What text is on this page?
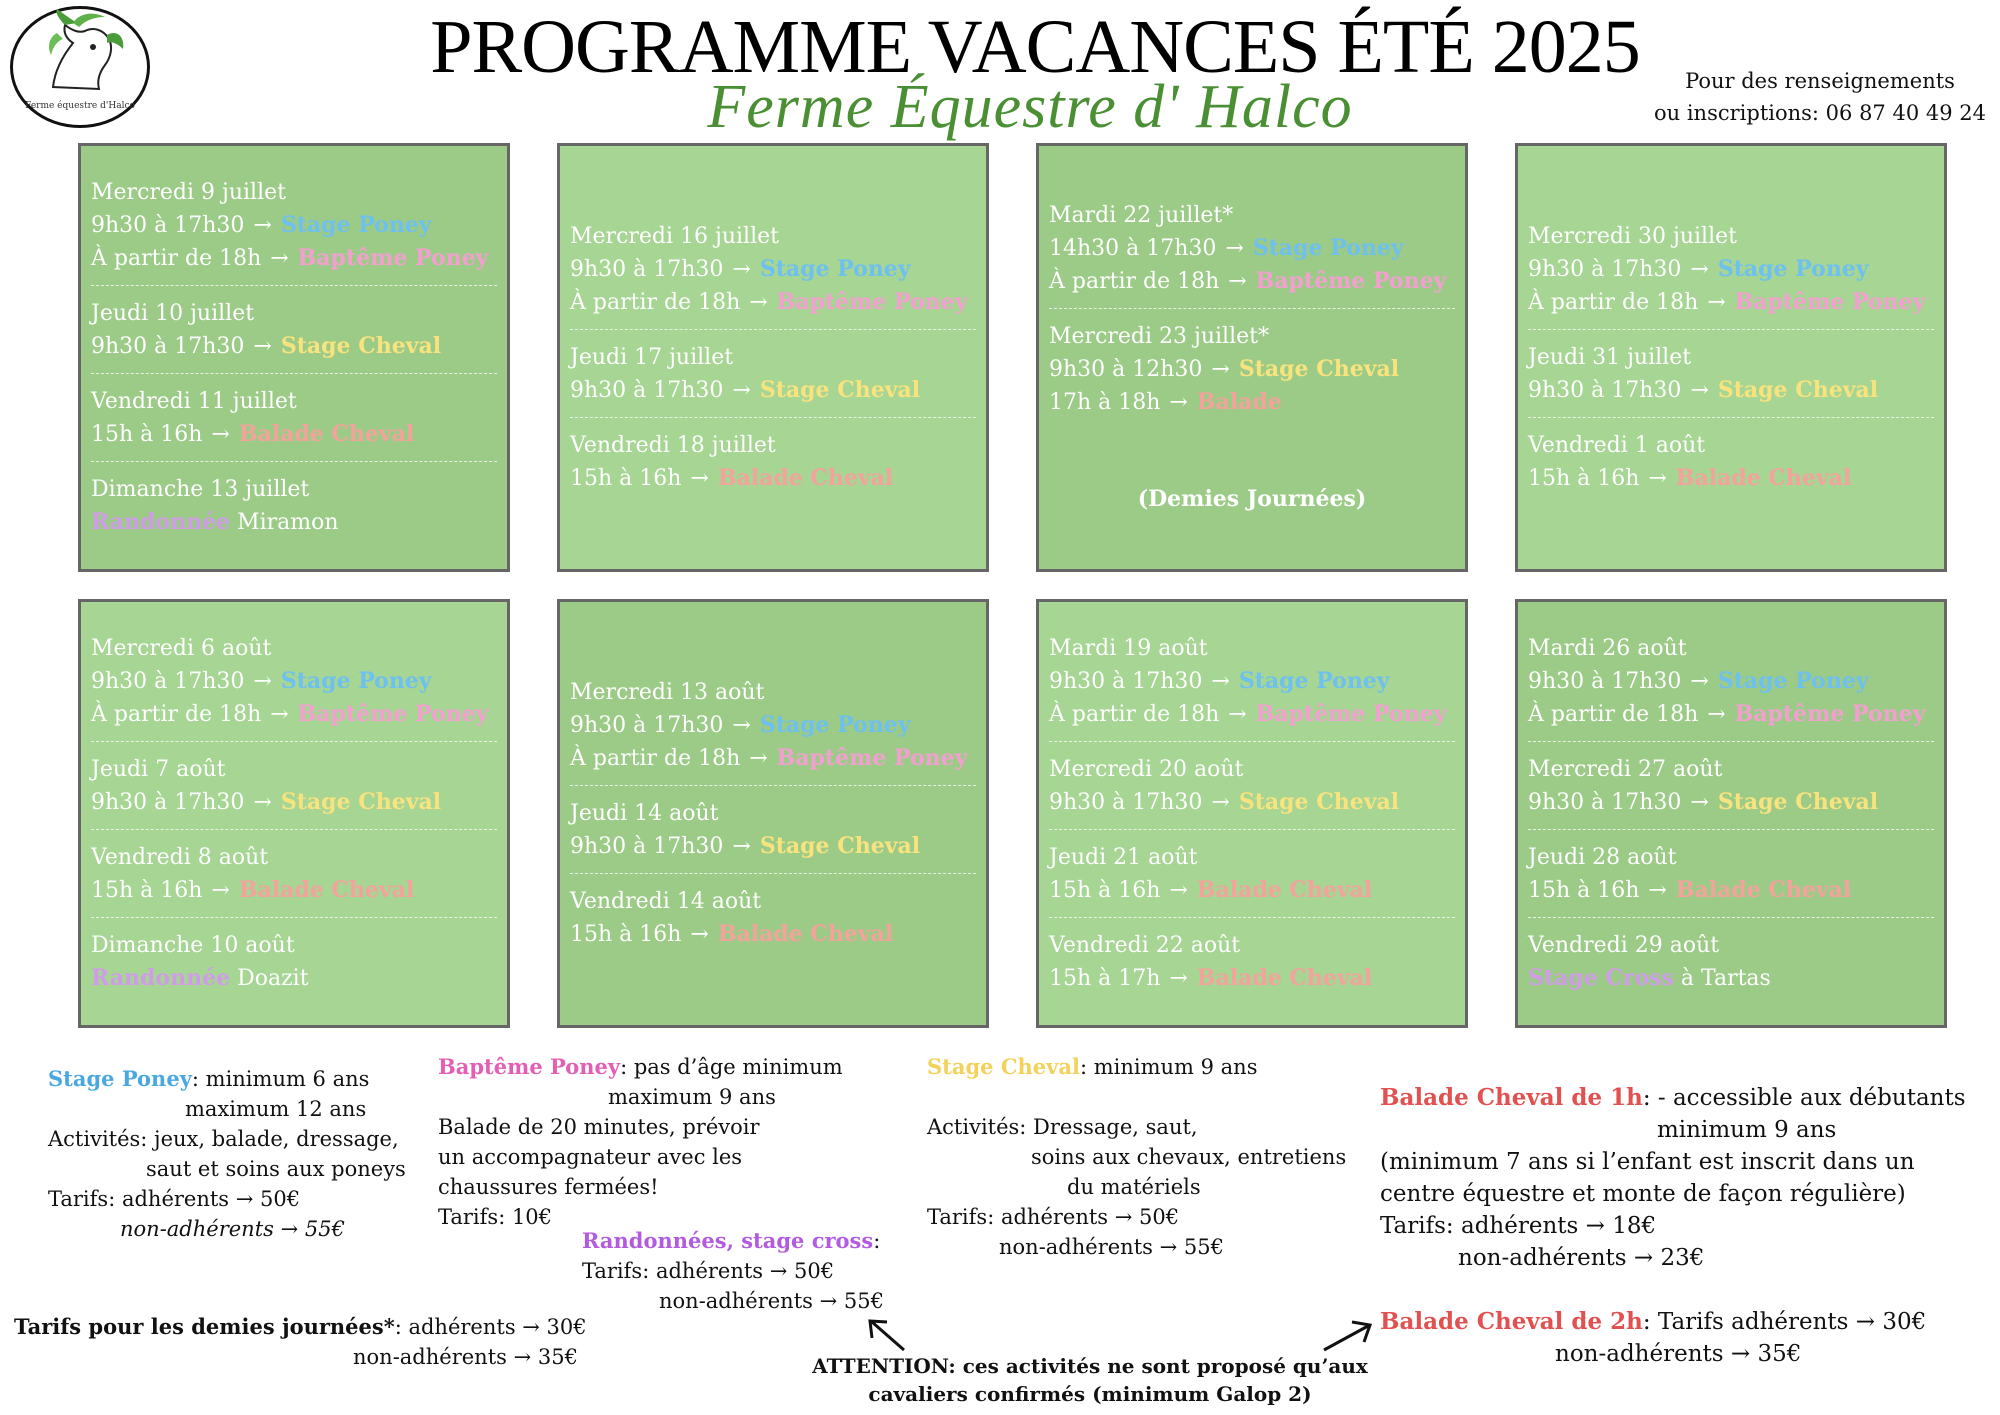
Ferme équestre d'Halco
PROGRAMME VACANCES ÉTÉ 2025
Ferme Équestre d' Halco	Pour des renseignements
ou inscriptions: 06 87 40 49 24
Mercredi 9 juillet
9h30 à 17h30 → Stage Poney
À partir de 18h → Baptême Poney
Jeudi 10 juillet
9h30 à 17h30 → Stage Cheval
Vendredi 11 juillet
15h à 16h → Balade Cheval
Dimanche 13 juillet
Randonnée Miramon
Mercredi 16 juillet
9h30 à 17h30 → Stage Poney
À partir de 18h → Baptême Poney
Jeudi 17 juillet
9h30 à 17h30 → Stage Cheval
Vendredi 18 juillet
15h à 16h → Balade Cheval
Mardi 22 juillet*
14h30 à 17h30 → Stage Poney
À partir de 18h → Baptême Poney
Mercredi 23 juillet*
9h30 à 12h30 → Stage Cheval
17h à 18h → Balade
(Demies Journées)
Mercredi 30 juillet
9h30 à 17h30 → Stage Poney
À partir de 18h → Baptême Poney
Jeudi 31 juillet
9h30 à 17h30 → Stage Cheval
Vendredi 1 août
15h à 16h → Balade Cheval
Mercredi 6 août
9h30 à 17h30 → Stage Poney
À partir de 18h → Baptême Poney
Jeudi 7 août
9h30 à 17h30 → Stage Cheval
Vendredi 8 août
15h à 16h → Balade Cheval
Dimanche 10 août
Randonnée Doazit
Mercredi 13 août
9h30 à 17h30 → Stage Poney
À partir de 18h → Baptême Poney
Jeudi 14 août
9h30 à 17h30 → Stage Cheval
Vendredi 14 août
15h à 16h → Balade Cheval
Mardi 19 août
9h30 à 17h30 → Stage Poney
À partir de 18h → Baptême Poney
Mercredi 20 août
9h30 à 17h30 → Stage Cheval
Jeudi 21 août
15h à 16h → Balade Cheval
Vendredi 22 août
15h à 17h → Balade Cheval
Mardi 26 août
9h30 à 17h30 → Stage Poney
À partir de 18h → Baptême Poney
Mercredi 27 août
9h30 à 17h30 → Stage Cheval
Jeudi 28 août
15h à 16h → Balade Cheval
Vendredi 29 août
Stage Cross à Tartas
Stage Poney: minimum 6 ans
maximum 12 ans
Activités: jeux, balade, dressage,
saut et soins aux poneys
Tarifs: adhérents → 50€
non-adhérents → 55€
Baptême Poney: pas d’âge minimum
maximum 9 ans
Balade de 20 minutes, prévoir
un accompagnateur avec les
chaussures fermées!
Tarifs: 10€
Randonnées, stage cross:
Tarifs: adhérents → 50€
non-adhérents → 55€
Stage Cheval: minimum 9 ans
Activités: Dressage, saut,
soins aux chevaux, entretiens
du matériels
Tarifs: adhérents → 50€
non-adhérents → 55€
Balade Cheval de 1h: - accessible aux débutants
minimum 9 ans
(minimum 7 ans si l’enfant est inscrit dans un
centre équestre et monte de façon régulière)
Tarifs: adhérents → 18€
non-adhérents → 23€
Balade Cheval de 2h: Tarifs adhérents → 30€
non-adhérents → 35€
Tarifs pour les demies journées*: adhérents → 30€
non-adhérents → 35€	ATTENTION: ces activités ne sont proposé qu’aux
cavaliers confirmés (minimum Galop 2)
